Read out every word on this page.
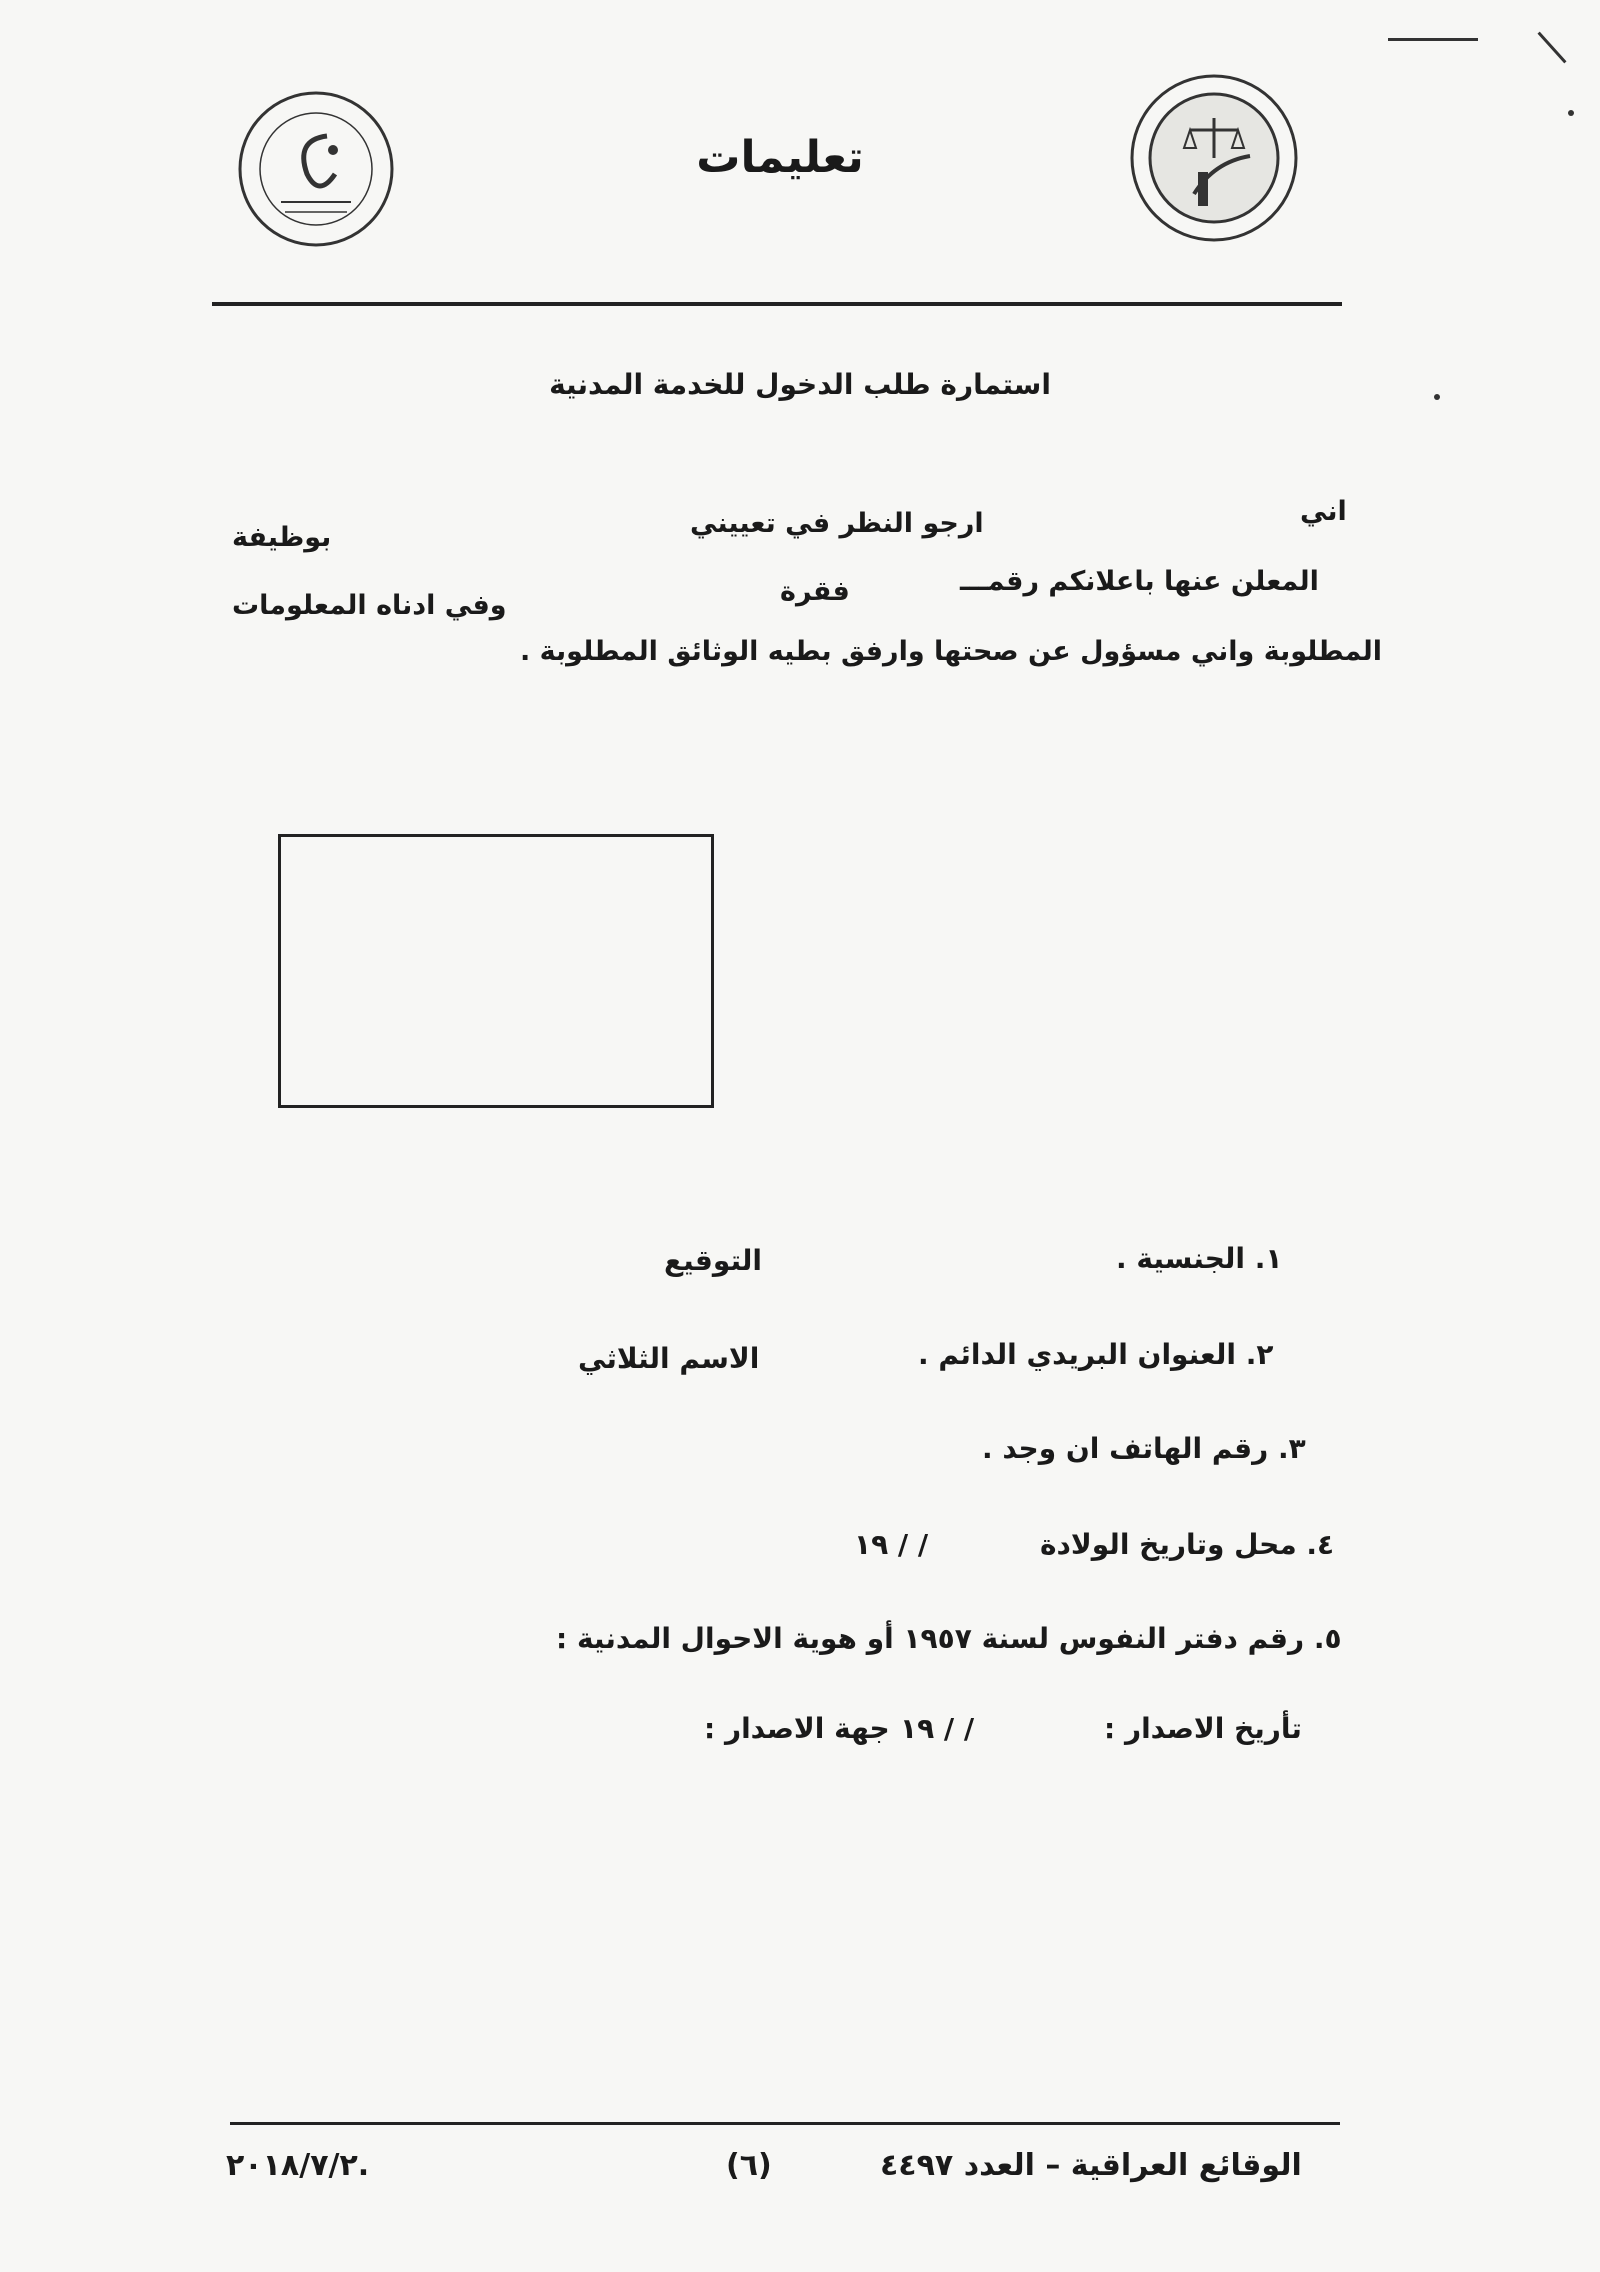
تعليمات
استمارة طلب الدخول للخدمة المدنية
اني
ارجو النظر في تعييني
بوظيفة
المعلن عنها باعلانكم رقمـــ
فقرة
وفي ادناه المعلومات
المطلوبة واني مسؤول عن صحتها وارفق بطيه الوثائق المطلوبة .
١. الجنسية .
التوقيع
٢. العنوان البريدي الدائم .
الاسم الثلاثي
٣. رقم الهاتف ان وجد .
٤. محل وتاريخ الولادة
/ / ١٩
٥. رقم دفتر النفوس لسنة ١٩٥٧ أو هوية الاحوال المدنية :
تأريخ الاصدار :
/ / ١٩
جهة الاصدار :
الوقائع العراقية – العدد ٤٤٩٧
(٦)
٢٠١٨/٧/٢.
